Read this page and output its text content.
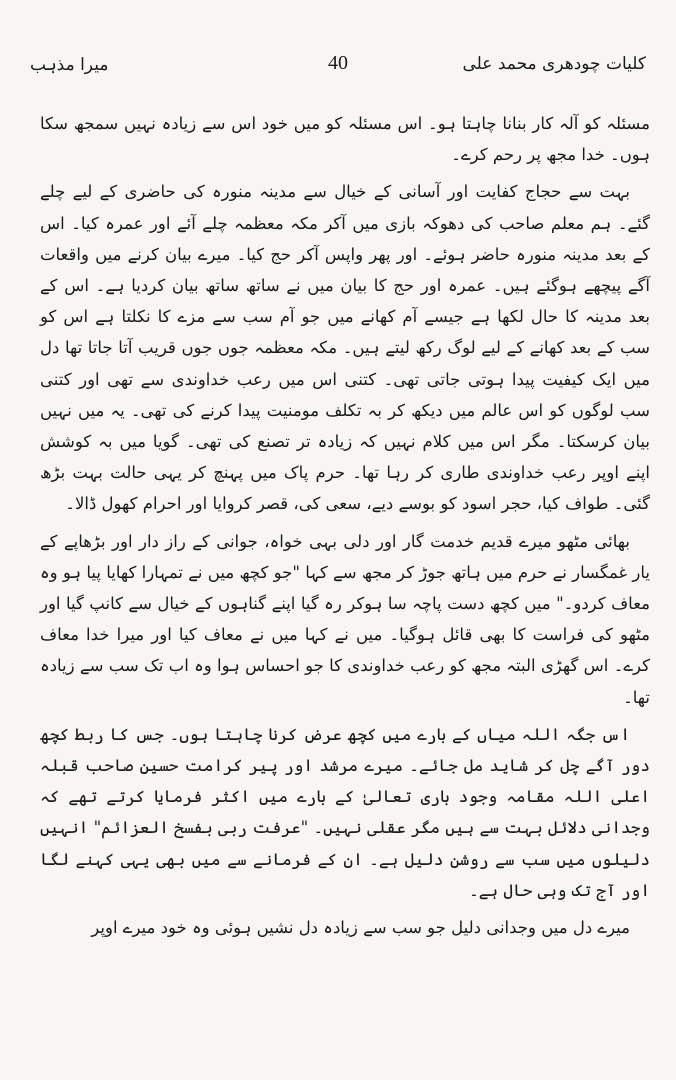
کلیات چودھری محمد علی
40
میرا مذہب

مسئلہ کو آلہ کار بنانا چاہتا ہو۔ اس مسئلہ کو میں خود اس سے زیادہ نہیں سمجھ سکا ہوں۔ خدا مجھ پر رحم کرے۔

بہت سے حجاج کفایت اور آسانی کے خیال سے مدینہ منورہ کی حاضری کے لیے چلے گئے۔ ہم معلم صاحب کی دھوکہ بازی میں آکر مکہ معظمہ چلے آئے اور عمرہ کیا۔ اس کے بعد مدینہ منورہ حاضر ہوئے۔ اور پھر واپس آکر حج کیا۔ میرے بیان کرنے میں واقعات آگے پیچھے ہوگئے ہیں۔ عمرہ اور حج کا بیان میں نے ساتھ ساتھ بیان کردیا ہے۔ اس کے بعد مدینہ کا حال لکھا ہے جیسے آم کھانے میں جو آم سب سے مزے کا نکلتا ہے اس کو سب کے بعد کھانے کے لیے لوگ رکھ لیتے ہیں۔ مکہ معظمہ جوں جوں قریب آتا جاتا تھا دل میں ایک کیفیت پیدا ہوتی جاتی تھی۔ کتنی اس میں رعب خداوندی سے تھی اور کتنی سب لوگوں کو اس عالم میں دیکھ کر بہ تکلف مومنیت پیدا کرنے کی تھی۔ یہ میں نہیں بیان کرسکتا۔ مگر اس میں کلام نہیں کہ زیادہ تر تصنع کی تھی۔ گویا میں بہ کوشش اپنے اوپر رعب خداوندی طاری کر رہا تھا۔ حرم پاک میں پہنچ کر یہی حالت بہت بڑھ گئی۔ طواف کیا، حجر اسود کو بوسے دیے، سعی کی، قصر کروایا اور احرام کھول ڈالا۔

بھائی مٹھو میرے قدیم خدمت گار اور دلی بہی خواہ، جوانی کے راز دار اور بڑھاپے کے یار غمگسار نے حرم میں ہاتھ جوڑ کر مجھ سے کہا "جو کچھ میں نے تمہارا کھایا پیا ہو وہ معاف کردو۔" میں کچھ دست پاچہ سا ہوکر رہ گیا اپنے گناہوں کے خیال سے کانپ گیا اور مٹھو کی فراست کا بھی قائل ہوگیا۔ میں نے کہا میں نے معاف کیا اور میرا خدا معاف کرے۔ اس گھڑی البتہ مجھ کو رعب خداوندی کا جو احساس ہوا وہ اب تک سب سے زیادہ تھا۔

اس جگہ اللہ میاں کے بارے میں کچھ عرض کرنا چاہتا ہوں۔ جس کا ربط کچھ دور آگے چل کر شاید مل جائے۔ میرے مرشد اور پیر کرامت حسین صاحب قبلہ اعلی اللہ مقامہ وجود باری تعالیٰ کے بارے میں اکثر فرمایا کرتے تھے کہ وجدانی دلائل بہت سے ہیں مگر عقلی نہیں۔ "عرفت ربی بفسخ العزائم" انہیں دلیلوں میں سب سے روشن دلیل ہے۔ ان کے فرمانے سے میں بھی یہی کہنے لگا اور آج تک وہی حال ہے۔

میرے دل میں وجدانی دلیل جو سب سے زیادہ دل نشیں ہوئی وہ خود میرے اوپر
